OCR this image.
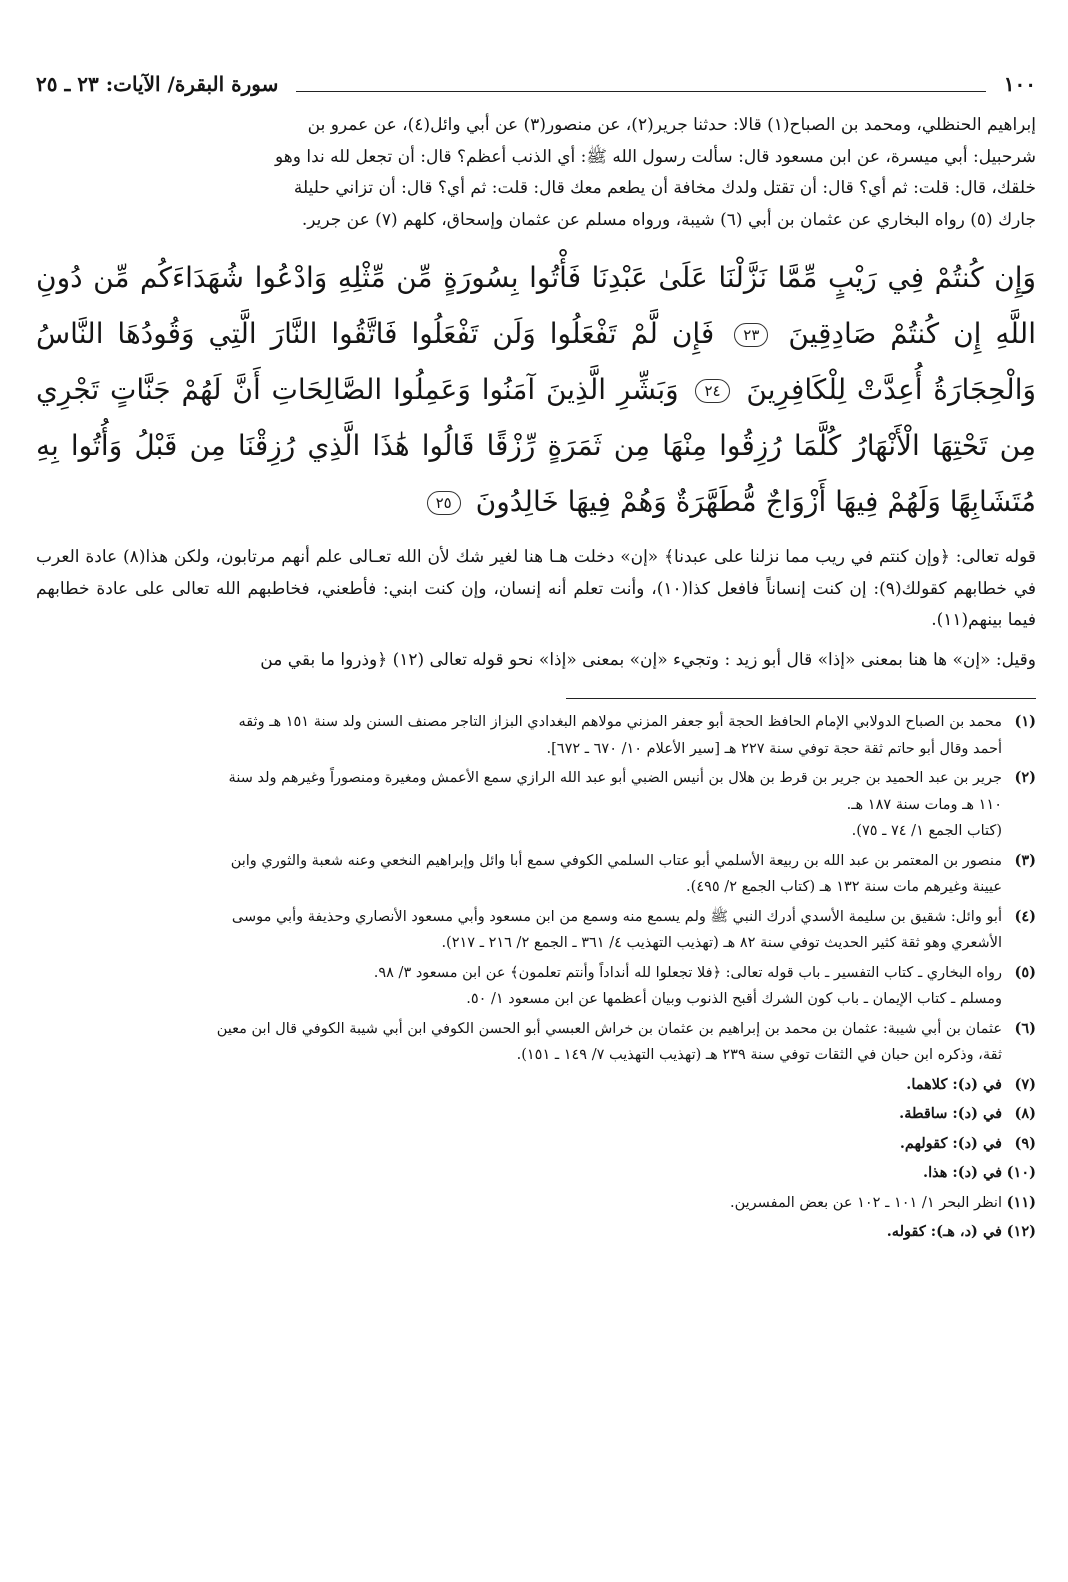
١٠٠
سورة البقرة/ الآيات: ٢٣ ـ ٢٥

إبراهيم الحنظلي، ومحمد بن الصباح(١) قالا: حدثنا جرير(٢)، عن منصور(٣) عن أبي وائل(٤)، عن عمرو بن

شرحبيل: أبي ميسرة، عن ابن مسعود قال: سألت رسول الله ﷺ: أي الذنب أعظم؟ قال: أن تجعل لله ندا وهو

خلقك، قال: قلت: ثم أي؟ قال: أن تقتل ولدك مخافة أن يطعم معك قال: قلت: ثم أي؟ قال: أن تزاني حليلة

جارك (٥) رواه البخاري عن عثمان بن أبي (٦) شيبة، ورواه مسلم عن عثمان وإسحاق، كلهم (٧) عن جرير.

وَإِن كُنتُمْ فِي رَيْبٍ مِّمَّا نَزَّلْنَا عَلَىٰ عَبْدِنَا فَأْتُوا بِسُورَةٍ مِّن مِّثْلِهِ وَادْعُوا شُهَدَاءَكُم مِّن دُونِ اللَّهِ إِن كُنتُمْ صَادِقِينَ ٢٣ فَإِن لَّمْ تَفْعَلُوا وَلَن تَفْعَلُوا فَاتَّقُوا النَّارَ الَّتِي وَقُودُهَا النَّاسُ وَالْحِجَارَةُ أُعِدَّتْ لِلْكَافِرِينَ ٢٤ وَبَشِّرِ الَّذِينَ آمَنُوا وَعَمِلُوا الصَّالِحَاتِ أَنَّ لَهُمْ جَنَّاتٍ تَجْرِي مِن تَحْتِهَا الْأَنْهَارُ كُلَّمَا رُزِقُوا مِنْهَا مِن ثَمَرَةٍ رِّزْقًا قَالُوا هَٰذَا الَّذِي رُزِقْنَا مِن قَبْلُ وَأُتُوا بِهِ مُتَشَابِهًا وَلَهُمْ فِيهَا أَزْوَاجٌ مُّطَهَّرَةٌ وَهُمْ فِيهَا خَالِدُونَ ٢٥

قوله تعالى: ﴿وإن كنتم في ريب مما نزلنا على عبدنا﴾ «إن» دخلت هـا هنا لغير شك لأن الله تعـالى علم أنهم مرتابون، ولكن هذا(٨) عادة العرب في خطابهم كقولك(٩): إن كنت إنساناً فافعل كذا(١٠)، وأنت تعلم أنه إنسان، وإن كنت ابني: فأطعني، فخاطبهم الله تعالى على عادة خطابهم فيما بينهم(١١).

وقيل: «إن» ها هنا بمعنى «إذا» قال أبو زيد : وتجيء «إن» بمعنى «إذا» نحو قوله تعالى (١٢) ﴿وذروا ما بقي من

(١)
محمد بن الصباح الدولابي الإمام الحافظ الحجة أبو جعفر المزني مولاهم البغدادي البزاز التاجر مصنف السنن ولد سنة ١٥١ هـ وثقه
أحمد وقال أبو حاتم ثقة حجة توفي سنة ٢٢٧ هـ [سير الأعلام ١٠/ ٦٧٠ ـ ٦٧٢].
(٢)
جرير بن عبد الحميد بن جرير بن قرط بن هلال بن أنيس الضبي أبو عبد الله الرازي سمع الأعمش ومغيرة ومنصوراً وغيرهم ولد سنة
١١٠ هـ ومات سنة ١٨٧ هـ.
(كتاب الجمع ١/ ٧٤ ـ ٧٥).
(٣)
منصور بن المعتمر بن عبد الله بن ربيعة الأسلمي أبو عتاب السلمي الكوفي سمع أبا وائل وإبراهيم النخعي وعنه شعبة والثوري وابن
عيينة وغيرهم مات سنة ١٣٢ هـ (كتاب الجمع ٢/ ٤٩٥).
(٤)
أبو وائل: شقيق بن سليمة الأسدي أدرك النبي ﷺ ولم يسمع منه وسمع من ابن مسعود وأبي مسعود الأنصاري وحذيفة وأبي موسى
الأشعري وهو ثقة كثير الحديث توفي سنة ٨٢ هـ (تهذيب التهذيب ٤/ ٣٦١ ـ الجمع ٢/ ٢١٦ ـ ٢١٧).
(٥)
رواه البخاري ـ كتاب التفسير ـ باب قوله تعالى: ﴿فلا تجعلوا لله أنداداً وأنتم تعلمون﴾ عن ابن مسعود ٣/ ٩٨.
ومسلم ـ كتاب الإيمان ـ باب كون الشرك أقبح الذنوب وبيان أعظمها عن ابن مسعود ١/ ٥٠.
(٦)
عثمان بن أبي شيبة: عثمان بن محمد بن إبراهيم بن عثمان بن خراش العبسي أبو الحسن الكوفي ابن أبي شيبة الكوفي قال ابن معين
ثقة، وذكره ابن حبان في الثقات توفي سنة ٢٣٩ هـ (تهذيب التهذيب ٧/ ١٤٩ ـ ١٥١).
(٧)
في (د): كلاهما.
(٨)
في (د): ساقطة.
(٩)
في (د): كقولهم.
(١٠)
في (د): هذا.
(١١)
انظر البحر ١/ ١٠١ ـ ١٠٢ عن بعض المفسرين.
(١٢)
في (د، هـ): كقوله.
